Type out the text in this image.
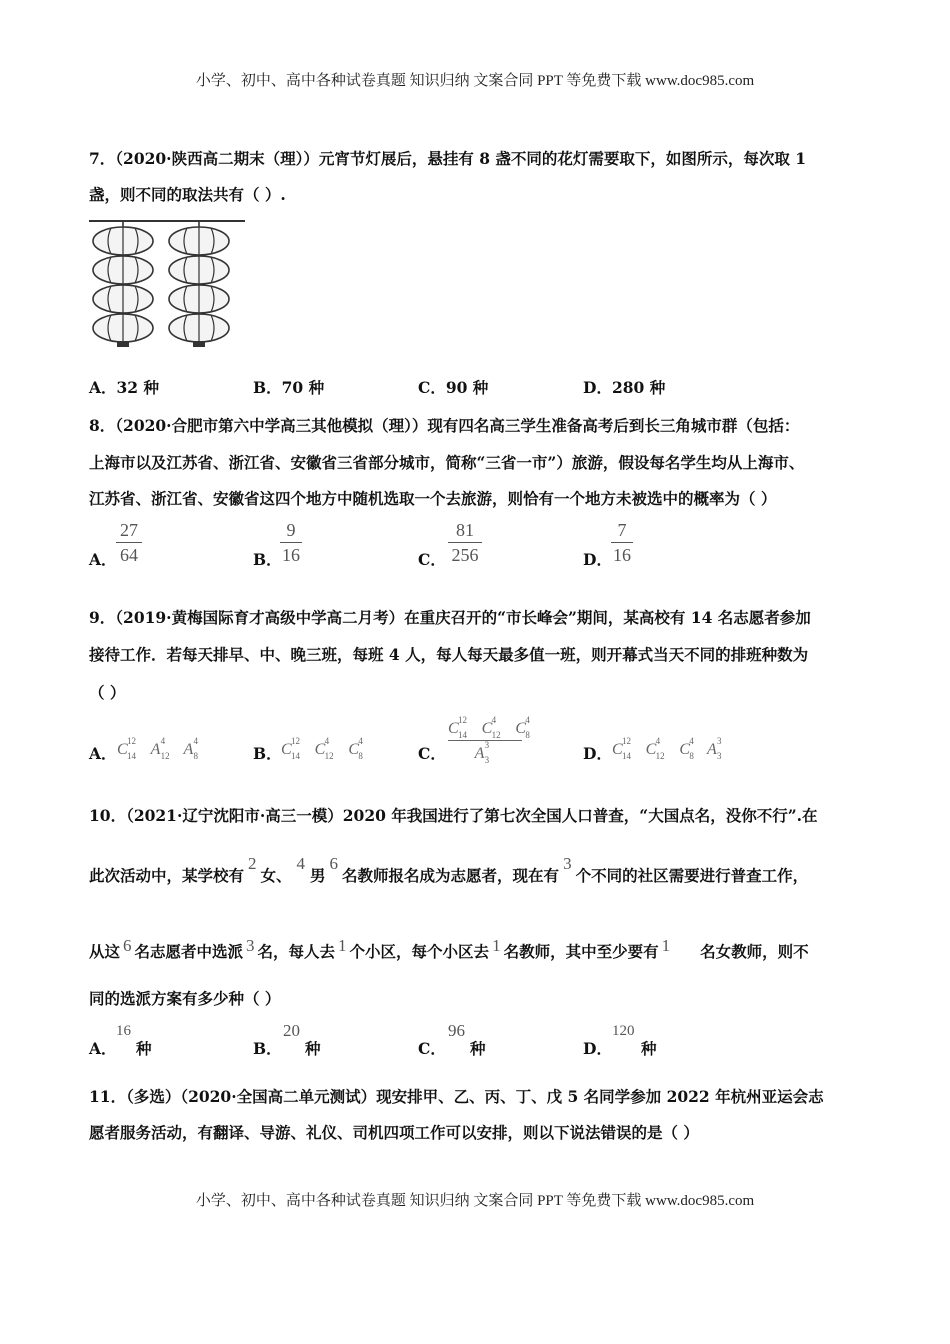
小学、初中、高中各种试卷真题 知识归纳 文案合同 PPT 等免费下载 www.doc985.com
小学、初中、高中各种试卷真题 知识归纳 文案合同 PPT 等免费下载 www.doc985.com
7．（2020·陕西高二期末（理））元宵节灯展后，悬挂有 8 盏不同的花灯需要取下，如图所示，每次取 1
盏，则不同的取法共有（ ）.
A．32 种	B．70 种	C．90 种	D．280 种
8．（2020·合肥市第六中学高三其他模拟（理））现有四名高三学生准备高考后到长三角城市群（包括：
上海市以及江苏省、浙江省、安徽省三省部分城市，简称“三省一市”）旅游，假设每名学生均从上海市、
江苏省、浙江省、安徽省这四个地方中随机选取一个去旅游，则恰有一个地方未被选中的概率为（ ）
A．
27
64	B．
9
16	C．
81
256	D．
7
16
9．（2019·黄梅国际育才高级中学高二月考）在重庆召开的“市长峰会”期间，某高校有 14 名志愿者参加
接待工作．若每天排早、中、晚三班，每班 4 人，每人每天最多值一班，则开幕式当天不同的排班种数为
（ ）
A． C 12
14 A 4
12 A 4
8	B． C 12
14 C 4
12 C 4
8	C．
C 12
14 C 4
12 C 4
8
A 3
3	D． C 12
14 C 4
12 C 4
8 A 3
3
10．（2021·辽宁沈阳市·高三一模）2020 年我国进行了第七次全国人口普查，“大国点名，没你不行”.在
此次活动中，某学校有2女、4男6名教师报名成为志愿者，现在有3个不同的社区需要进行普查工作，
从这 6 名志愿者中选派 3 名，每人去 1 个小区，每个小区去 1 名教师，其中至少要有 1 名女教师，则不
同的选派方案有多少种（ ）
A．
16
种	B．
20
种	C．
96
种	D．
120
种
11．（多选）（2020·全国高二单元测试）现安排甲、乙、丙、丁、戊 5 名同学参加 2022 年杭州亚运会志
愿者服务活动，有翻译、导游、礼仪、司机四项工作可以安排，则以下说法错误的是（ ）
